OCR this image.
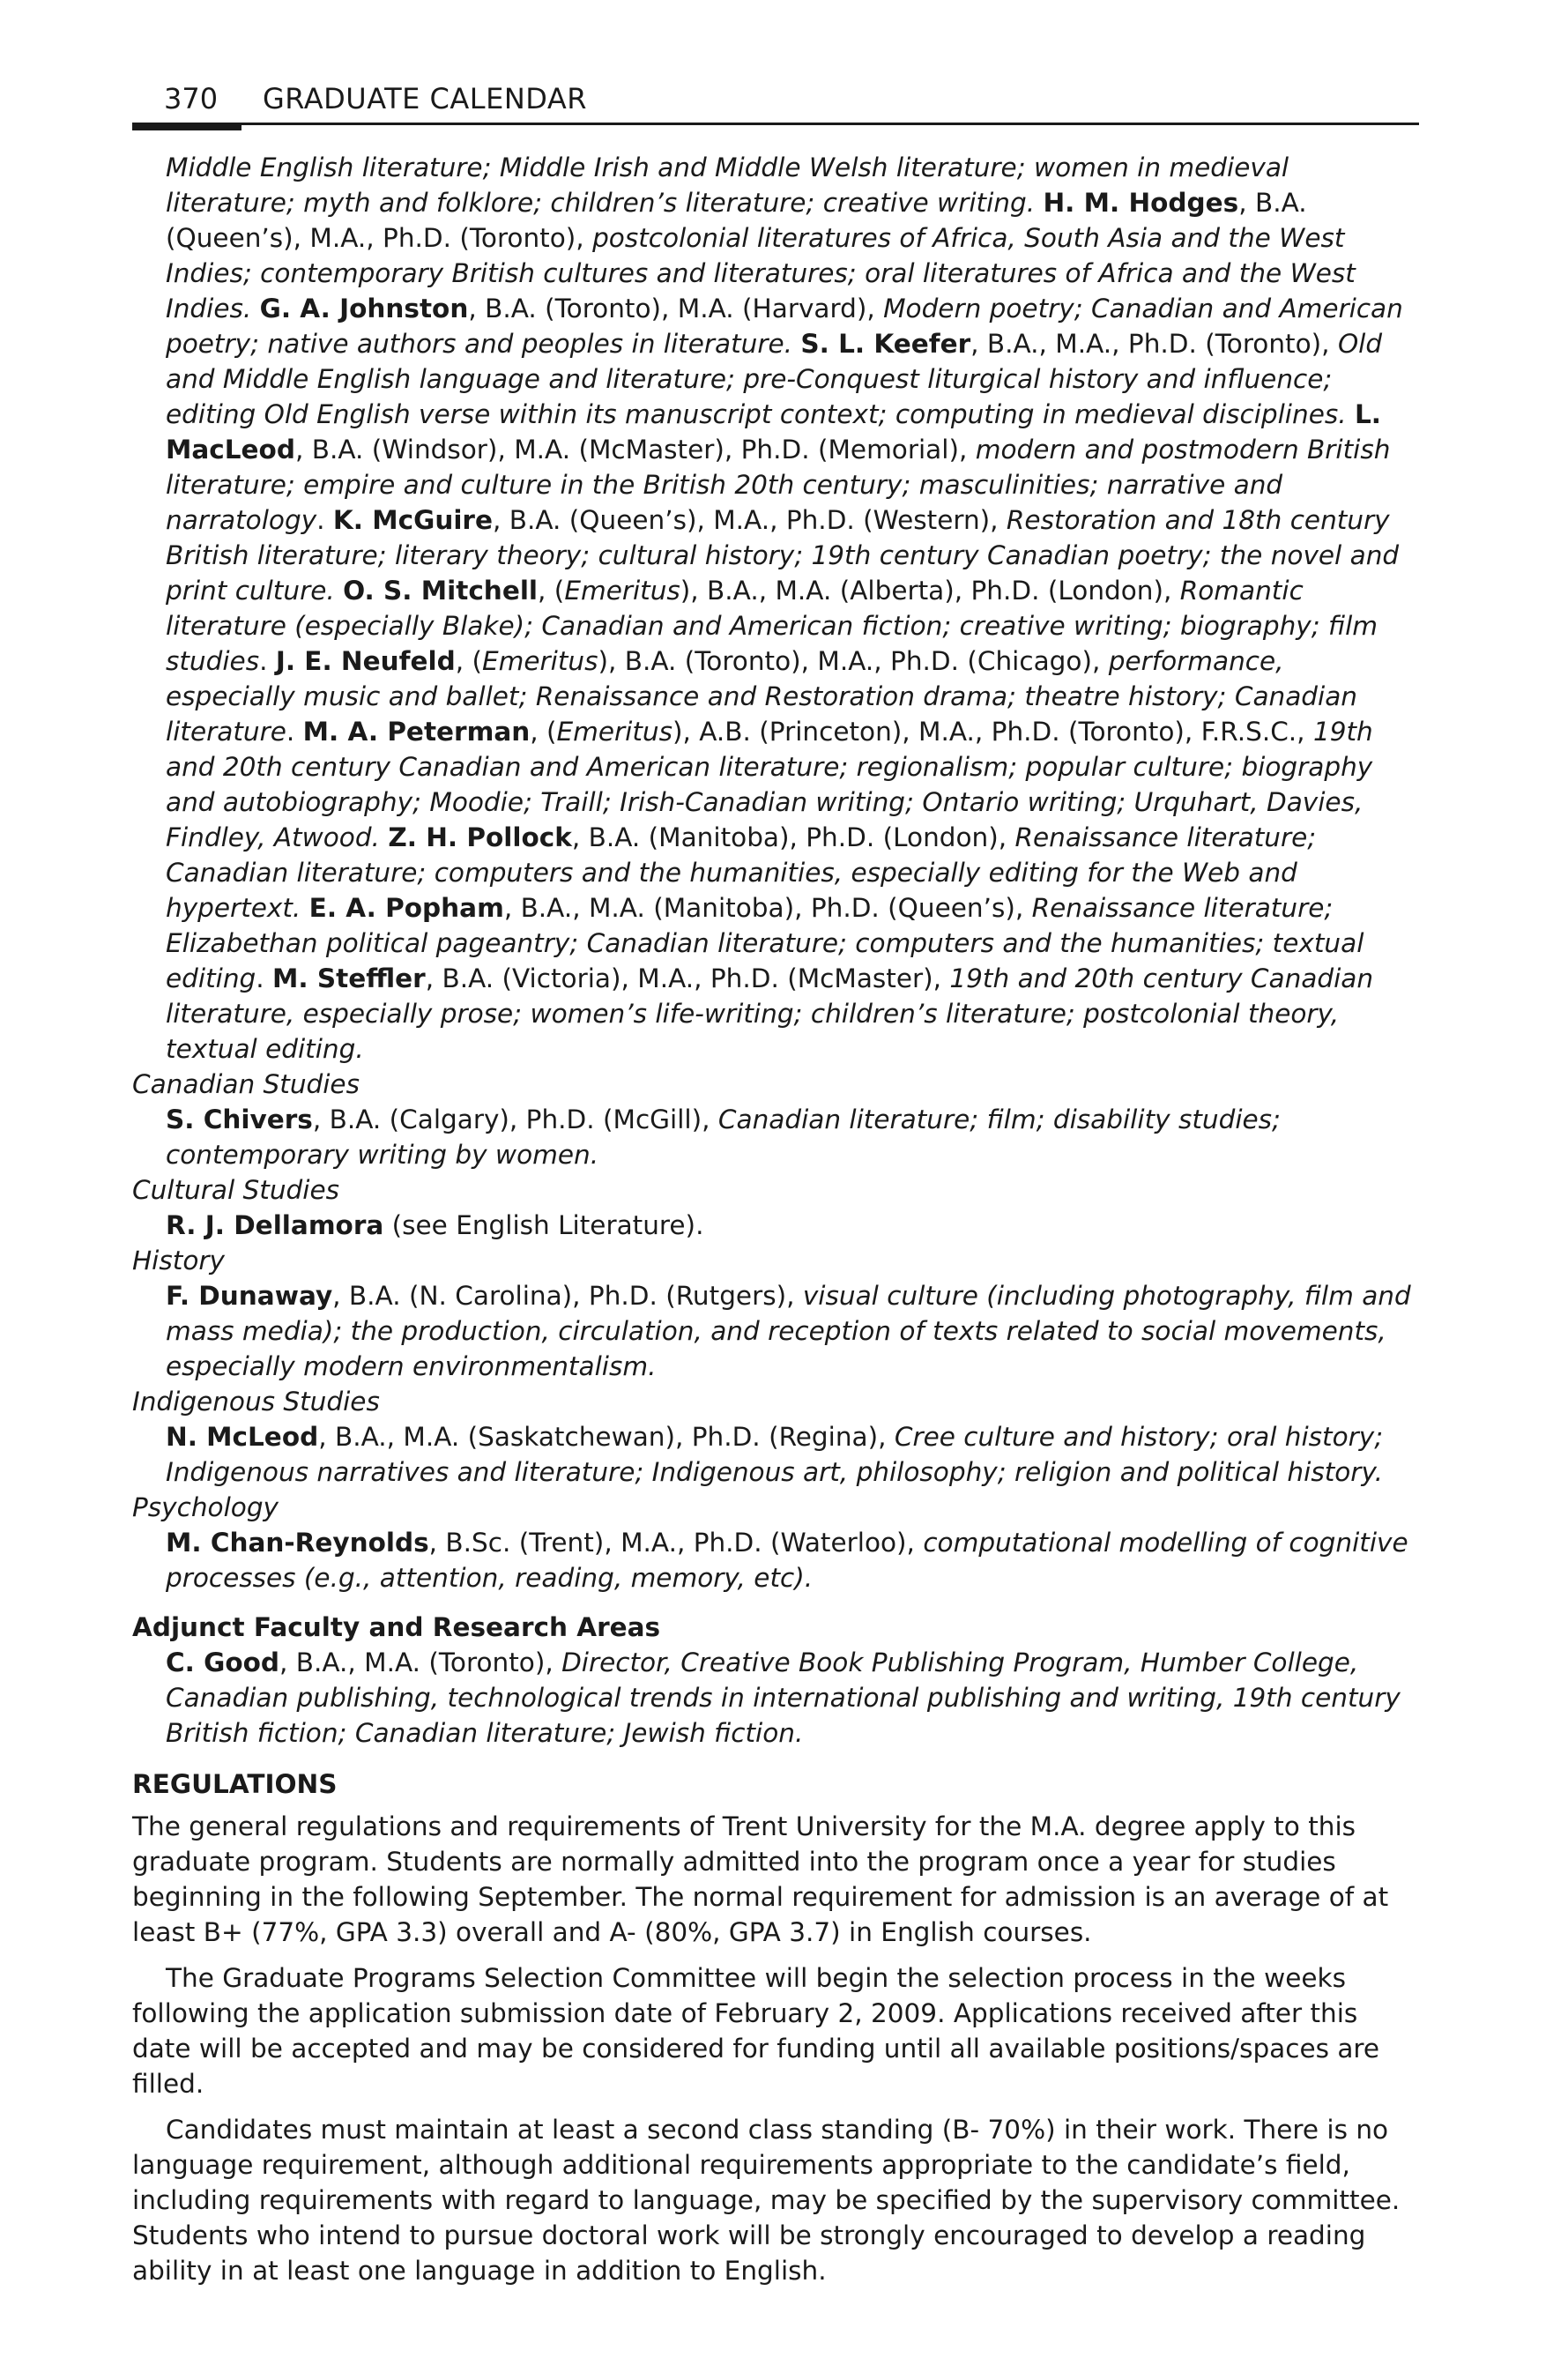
370 GRADUATE CALENDAR

Middle English literature; Middle Irish and Middle Welsh literature; women in medieval literature; myth and folklore; children’s literature; creative writing. H. M. Hodges, B.A. (Queen’s), M.A., Ph.D. (Toronto), postcolonial literatures of Africa, South Asia and the West Indies; contemporary British cultures and literatures; oral literatures of Africa and the West Indies. G. A. Johnston, B.A. (Toronto), M.A. (Harvard), Modern poetry; Canadian and American poetry; native authors and peoples in literature. S. L. Keefer, B.A., M.A., Ph.D. (Toronto), Old and Middle English language and literature; pre-Conquest liturgical history and influence; editing Old English verse within its manuscript context; computing in medieval disciplines. L. MacLeod, B.A. (Windsor), M.A. (McMaster), Ph.D. (Memorial), modern and postmodern British literature; empire and culture in the British 20th century; masculinities; narrative and narratology. K. McGuire, B.A. (Queen’s), M.A., Ph.D. (Western), Restoration and 18th century British literature; literary theory; cultural history; 19th century Canadian poetry; the novel and print culture. O. S. Mitchell, (Emeritus), B.A., M.A. (Alberta), Ph.D. (London), Romantic literature (especially Blake); Canadian and American fiction; creative writing; biography; film studies. J. E. Neufeld, (Emeritus), B.A. (Toronto), M.A., Ph.D. (Chicago), performance, especially music and ballet; Renaissance and Restoration drama; theatre history; Canadian literature. M. A. Peterman, (Emeritus), A.B. (Princeton), M.A., Ph.D. (Toronto), F.R.S.C., 19th and 20th century Canadian and American literature; regionalism; popular culture; biography and autobiography; Moodie; Traill; Irish-Canadian writing; Ontario writing; Urquhart, Davies, Findley, Atwood. Z. H. Pollock, B.A. (Manitoba), Ph.D. (London), Renaissance literature; Canadian literature; computers and the humanities, especially editing for the Web and hypertext. E. A. Popham, B.A., M.A. (Manitoba), Ph.D. (Queen’s), Renaissance literature; Elizabethan political pageantry; Canadian literature; computers and the humanities; textual editing. M. Steffler, B.A. (Victoria), M.A., Ph.D. (McMaster), 19th and 20th century Canadian literature, especially prose; women’s life-writing; children’s literature; postcolonial theory, textual editing.

Canadian Studies

S. Chivers, B.A. (Calgary), Ph.D. (McGill), Canadian literature; film; disability studies; contemporary writing by women.

Cultural Studies

R. J. Dellamora (see English Literature).

History

F. Dunaway, B.A. (N. Carolina), Ph.D. (Rutgers), visual culture (including photography, film and mass media); the production, circulation, and reception of texts related to social movements, especially modern environmentalism.

Indigenous Studies

N. McLeod, B.A., M.A. (Saskatchewan), Ph.D. (Regina), Cree culture and history; oral history; Indigenous narratives and literature; Indigenous art, philosophy; religion and political history.

Psychology

M. Chan-Reynolds, B.Sc. (Trent), M.A., Ph.D. (Waterloo), computational modelling of cognitive processes (e.g., attention, reading, memory, etc).

Adjunct Faculty and Research Areas

C. Good, B.A., M.A. (Toronto), Director, Creative Book Publishing Program, Humber College, Canadian publishing, technological trends in international publishing and writing, 19th century British fiction; Canadian literature; Jewish fiction.

REGULATIONS

The general regulations and requirements of Trent University for the M.A. degree apply to this graduate program. Students are normally admitted into the program once a year for studies beginning in the following September. The normal requirement for admission is an average of at least B+ (77%, GPA 3.3) overall and A- (80%, GPA 3.7) in English courses.

The Graduate Programs Selection Committee will begin the selection process in the weeks following the application submission date of February 2, 2009. Applications received after this date will be accepted and may be considered for funding until all available positions/spaces are filled.

Candidates must maintain at least a second class standing (B- 70%) in their work. There is no language requirement, although additional requirements appropriate to the candidate’s field, including requirements with regard to language, may be specified by the supervisory committee. Students who intend to pursue doctoral work will be strongly encouraged to develop a reading ability in at least one language in addition to English.
